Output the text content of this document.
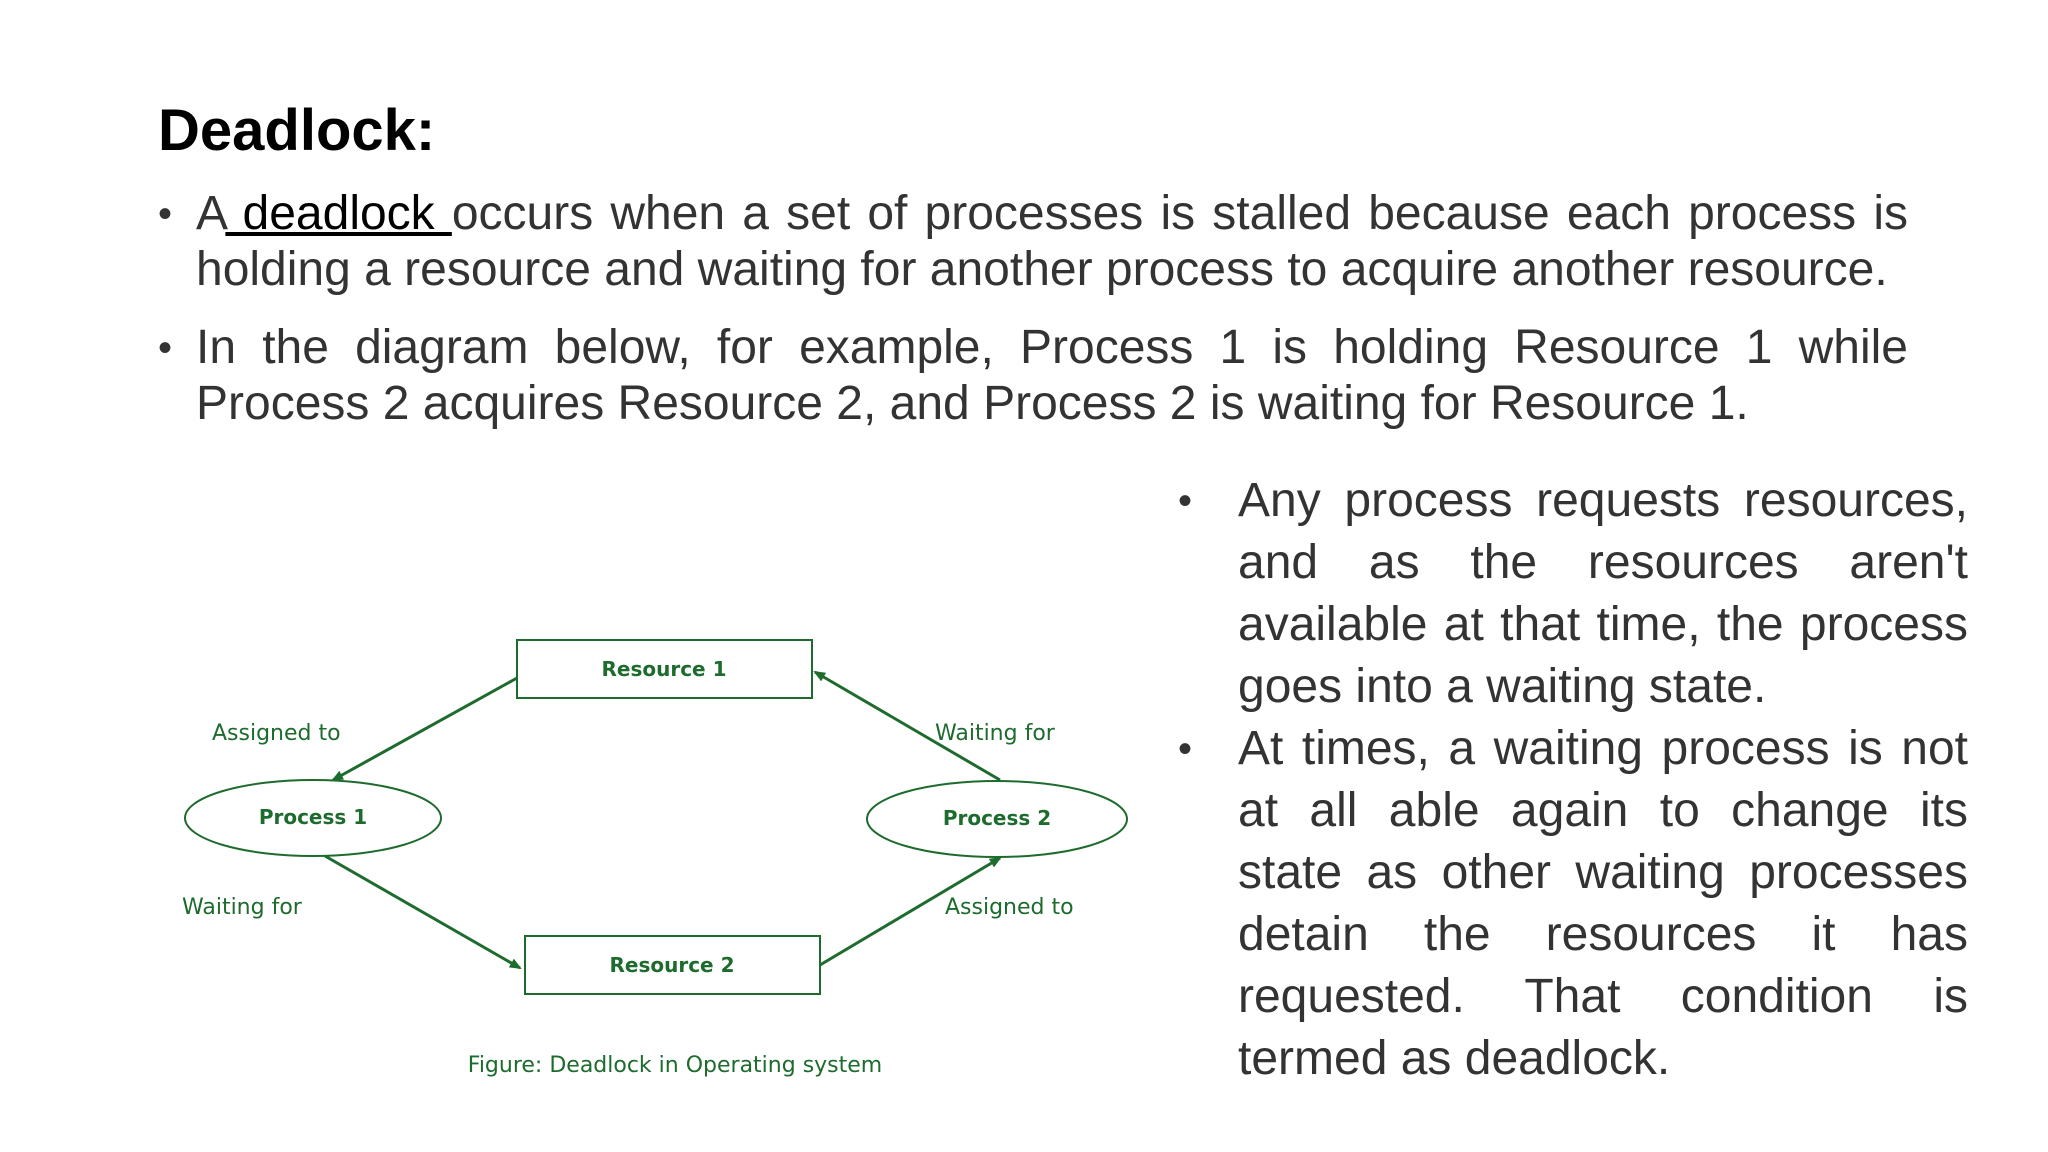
Deadlock:
• A deadlock occurs when a set of processes is stalled because each process is holding a resource and waiting for another process to acquire another resource.
• In the diagram below, for example, Process 1 is holding Resource 1 while Process 2 acquires Resource 2, and Process 2 is waiting for Resource 1.
• Any process requests resources, and as the resources aren't available at that time, the process goes into a waiting state.
• At times, a waiting process is not at all able again to change its state as other waiting processes detain the resources it has requested. That condition is termed as deadlock.
Resource 1
Resource 2
Process 1	Process 2
Assigned to	Waiting for
Waiting for	Assigned to
Figure: Deadlock in Operating system
